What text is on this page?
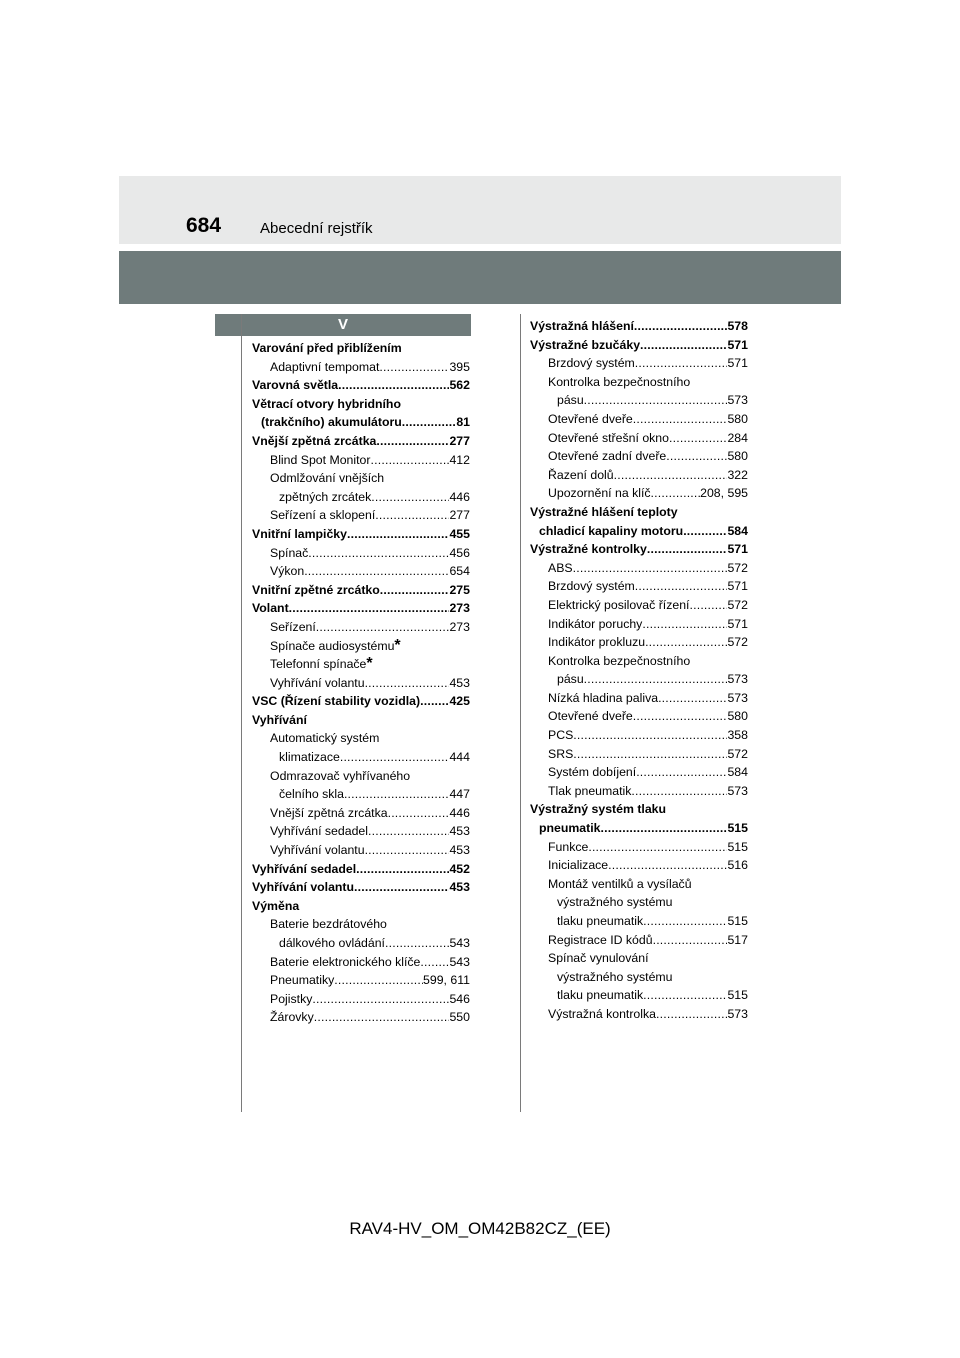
684	Abecední rejstřík
V
Varování před přiblížením
Adaptivní tempomat .....	395
Varovná světla .....	562
Větrací otvory hybridního
(trakčního) akumulátoru .....	81
Vnější zpětná zrcátka .....	277
Blind Spot Monitor .....	412
Odmlžování vnějších
zpětných zrcátek .....	446
Seřízení a sklopení .....	277
Vnitřní lampičky .....	455
Spínač .....	456
Výkon .....	654
Vnitřní zpětné zrcátko .....	275
Volant .....	273
Seřízení .....	273
Spínače audiosystému *
Telefonní spínače *
Vyhřívání volantu .....	453
VSC (Řízení stability vozidla) ..... 425
Vyhřívání
Automatický systém
klimatizace .....	444
Odmrazovač vyhřívaného
čelního skla .....	447
Vnější zpětná zrcátka .....	446
Vyhřívání sedadel .....	453
Vyhřívání volantu .....	453
Vyhřívání sedadel .....	452
Vyhřívání volantu .....	453
Výměna
Baterie bezdrátového
dálkového ovládání .....	543
Baterie elektronického klíče ..... 543
Pneumatiky .....	599, 611
Pojistky .....	546
Žárovky .....	550
Výstražná hlášení .....	578
Výstražné bzučáky .....	571
Brzdový systém .....	571
Kontrolka bezpečnostního
pásu .....	573
Otevřené dveře .....	580
Otevřené střešní okno .....	284
Otevřené zadní dveře .....	580
Řazení dolů .....	322
Upozornění na klíč .....	208, 595
Výstražné hlášení teploty
chladicí kapaliny motoru .....	584
Výstražné kontrolky .....	571
ABS .....	572
Brzdový systém .....	571
Elektrický posilovač řízení .....	572
Indikátor poruchy .....	571
Indikátor prokluzu .....	572
Kontrolka bezpečnostního
pásu .....	573
Nízká hladina paliva .....	573
Otevřené dveře .....	580
PCS .....	358
SRS .....	572
Systém dobíjení .....	584
Tlak pneumatik .....	573
Výstražný systém tlaku
pneumatik .....	515
Funkce .....	515
Inicializace .....	516
Montáž ventilků a vysílačů
výstražného systému
tlaku pneumatik .....	515
Registrace ID kódů .....	517
Spínač vynulování
výstražného systému
tlaku pneumatik .....	515
Výstražná kontrolka .....	573
RAV4-HV_OM_OM42B82CZ_(EE)
